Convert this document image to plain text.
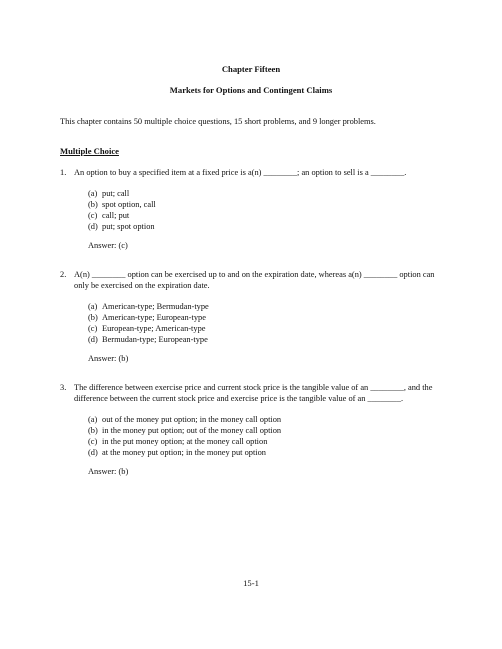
Chapter Fifteen
Markets for Options and Contingent Claims
This chapter contains 50 multiple choice questions, 15 short problems, and 9 longer problems.
Multiple Choice
1. An option to buy a specified item at a fixed price is a(n) ________; an option to sell is a ________.
(a) put; call
(b) spot option, call
(c) call; put
(d) put; spot option
Answer: (c)
2. A(n) ________ option can be exercised up to and on the expiration date, whereas a(n) ________ option can only be exercised on the expiration date.
(a) American-type; Bermudan-type
(b) American-type; European-type
(c) European-type; American-type
(d) Bermudan-type; European-type
Answer: (b)
3. The difference between exercise price and current stock price is the tangible value of an ________, and the difference between the current stock price and exercise price is the tangible value of an ________.
(a) out of the money put option; in the money call option
(b) in the money put option; out of the money call option
(c) in the put money option; at the money call option
(d) at the money put option; in the money put option
Answer: (b)
15-1
